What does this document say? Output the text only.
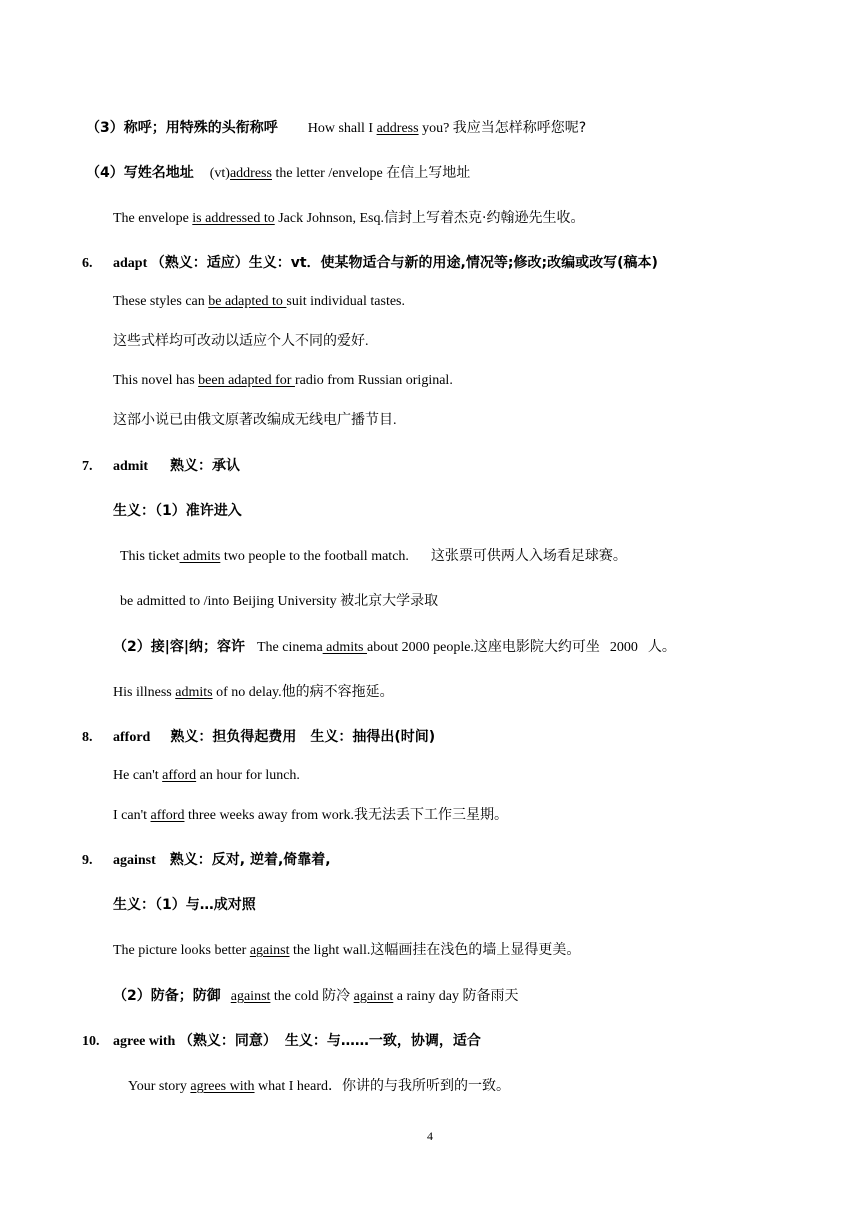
（3）称呼；用特殊的头衔称呼 How shall I address you? 我应当怎样称呼您呢?
（4）写姓名地址 (vt)address the letter /envelope 在信上写地址
The envelope is addressed to Jack Johnson, Esq.信封上写着杰克·约翰逊先生收。
6. adapt （熟义：适应）生义：vt．使某物适合与新的用途,情况等;修改;改编或改写(稿本)
These styles can be adapted to suit individual tastes.
这些式样均可改动以适应个人不同的爱好.
This novel has been adapted for radio from Russian original.
这部小说已由俄文原著改编成无线电广播节目.
7. admit 熟义：承认
生义：（1）准许进入
This ticket admits two people to the football match. 这张票可供两人入场看足球赛。
be admitted to /into Beijing University 被北京大学录取
（2）接|容|纳；容许 The cinema admits about 2000 people.这座电影院大约可坐 2000 人。
His illness admits of no delay.他的病不容拖延。
8. afford 熟义：担负得起费用 生义：抽得出(时间)
He can't afford an hour for lunch.
I can't afford three weeks away from work.我无法丢下工作三星期。
9. against 熟义：反对, 逆着,倚靠着,
生义：（1）与…成对照
The picture looks better against the light wall.这幅画挂在浅色的墙上显得更美。
（2）防备；防御 against the cold 防冷 against a rainy day 防备雨天
10. agree with （熟义：同意） 生义：与……一致，协调，适合
Your story agrees with what I heard．你讲的与我所听到的一致。
4
